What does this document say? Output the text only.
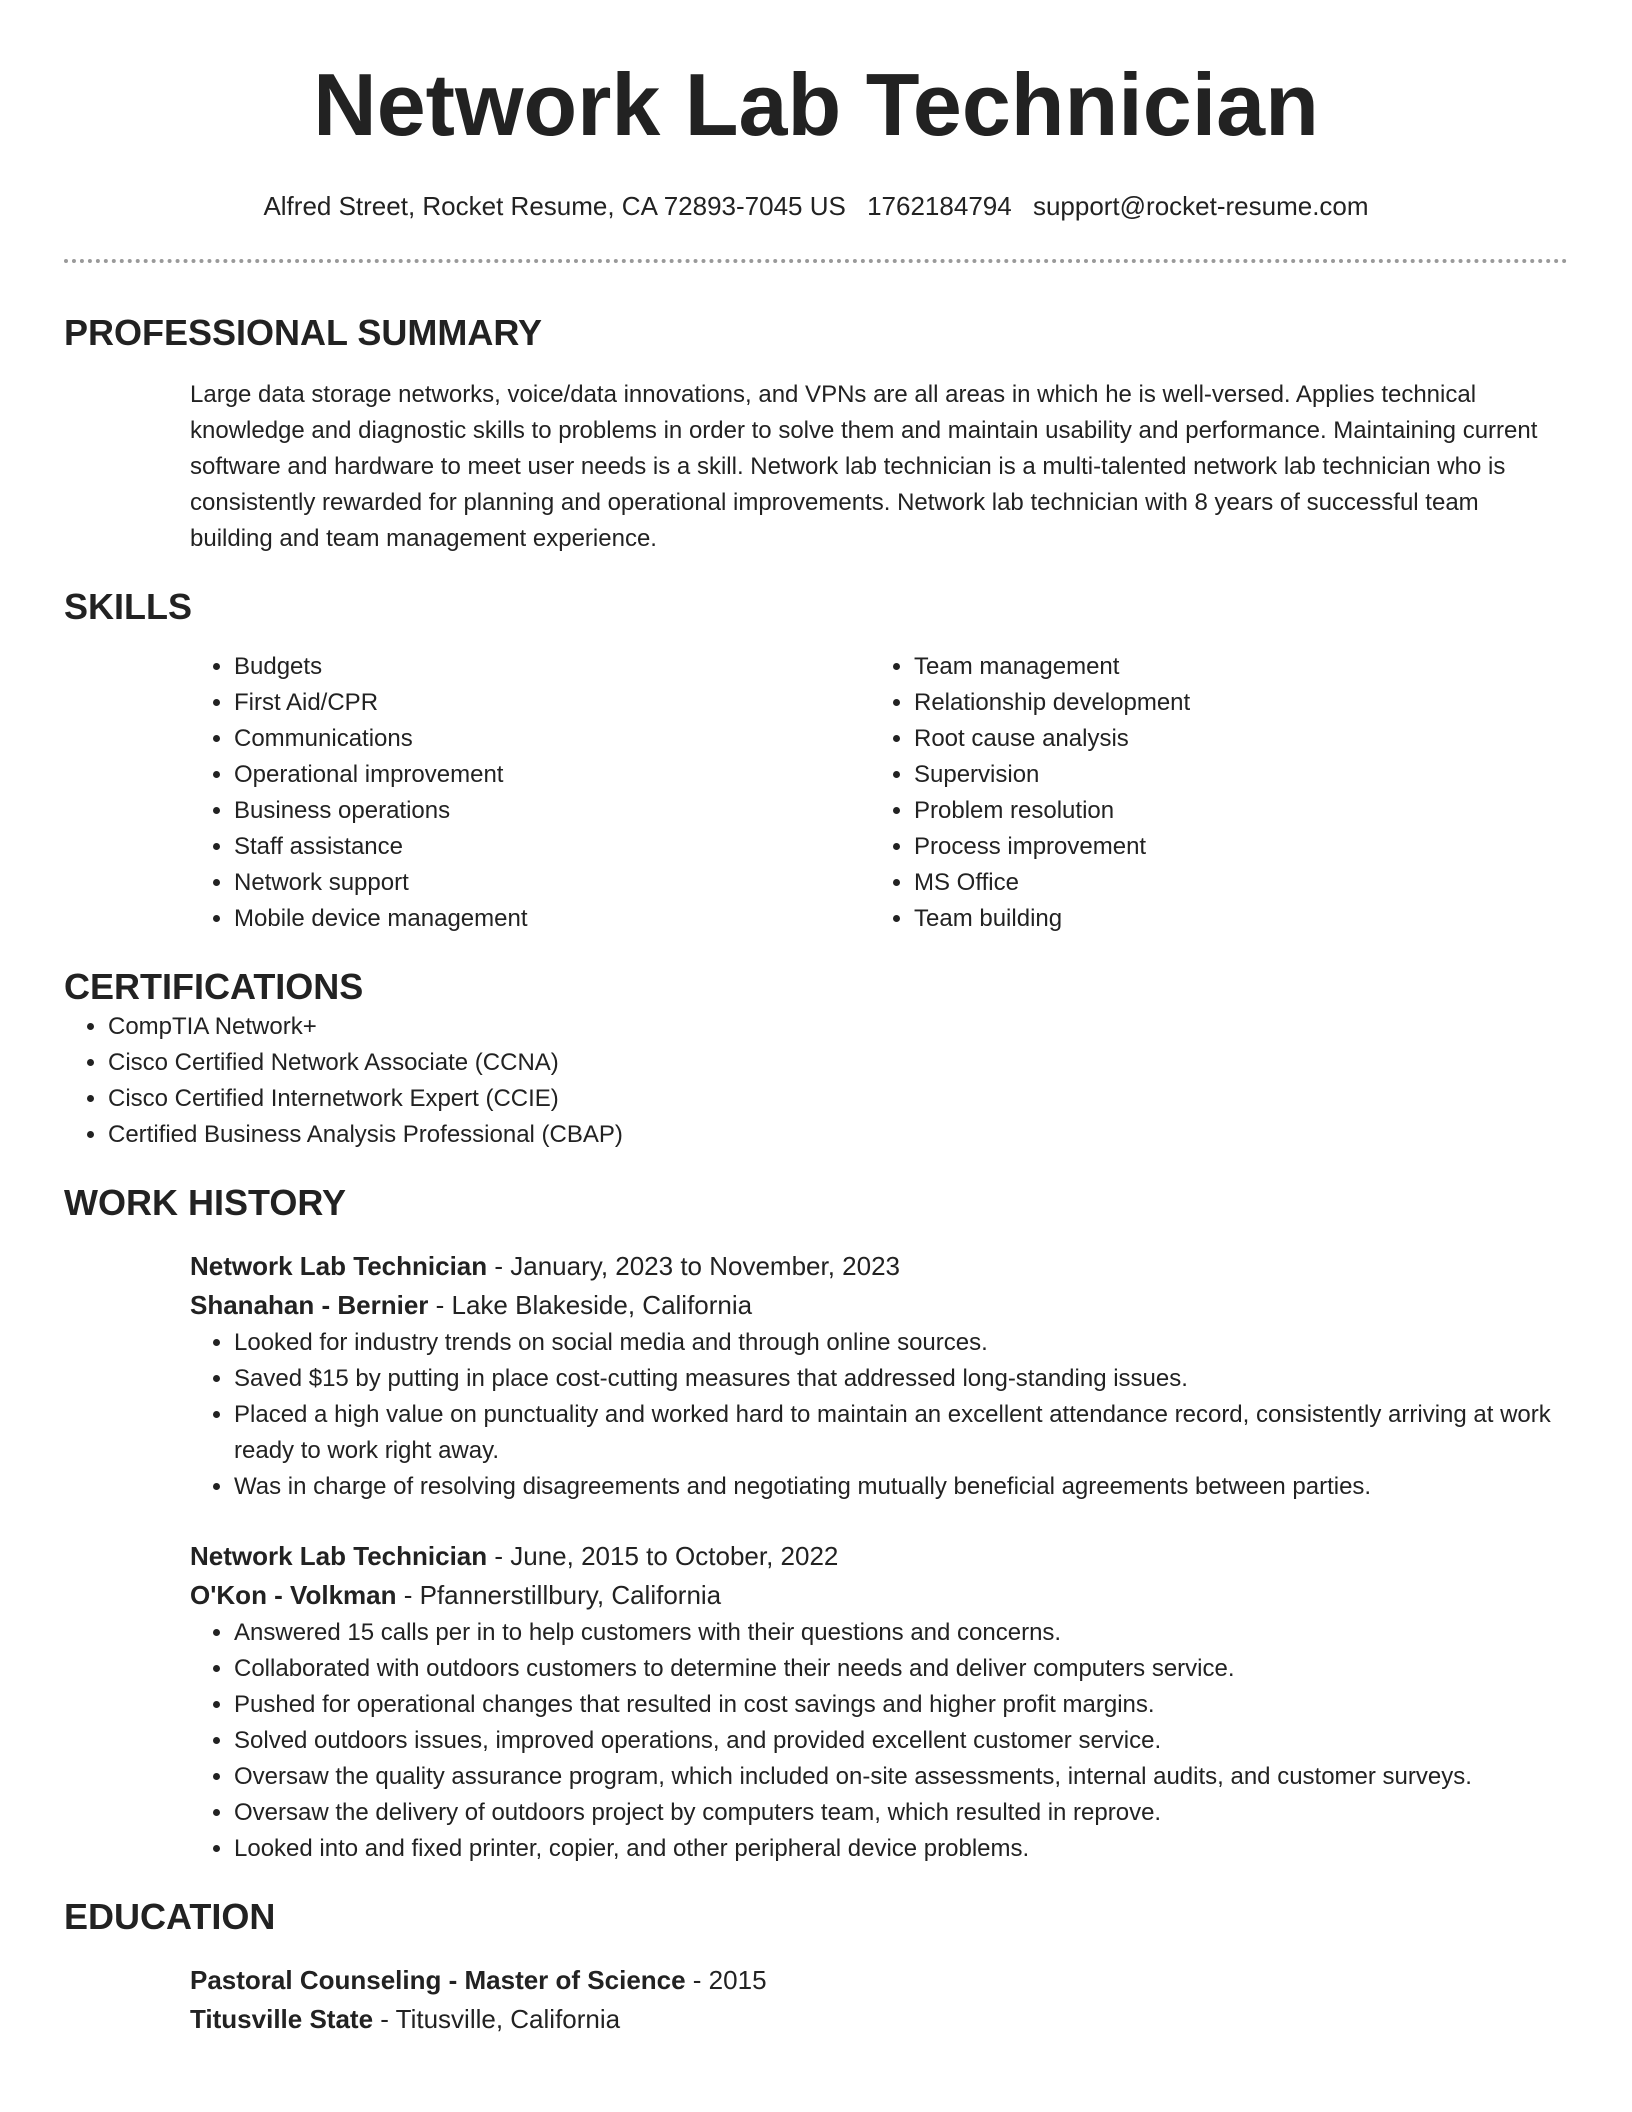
Network Lab Technician
Alfred Street, Rocket Resume, CA 72893-7045 US 1762184794 support@rocket-resume.com
PROFESSIONAL SUMMARY

Large data storage networks, voice/data innovations, and VPNs are all areas in which he is well-versed. Applies technical knowledge and diagnostic skills to problems in order to solve them and maintain usability and performance. Maintaining current software and hardware to meet user needs is a skill. Network lab technician is a multi-talented network lab technician who is consistently rewarded for planning and operational improvements. Network lab technician with 8 years of successful team building and team management experience.

SKILLS
• Budgets
• First Aid/CPR
• Communications
• Operational improvement
• Business operations
• Staff assistance
• Network support
• Mobile device management
• Team management
• Relationship development
• Root cause analysis
• Supervision
• Problem resolution
• Process improvement
• MS Office
• Team building
CERTIFICATIONS
• CompTIA Network+
• Cisco Certified Network Associate (CCNA)
• Cisco Certified Internetwork Expert (CCIE)
• Certified Business Analysis Professional (CBAP)
WORK HISTORY
Network Lab Technician - January, 2023 to November, 2023
Shanahan - Bernier - Lake Blakeside, California
• Looked for industry trends on social media and through online sources.
• Saved $15 by putting in place cost-cutting measures that addressed long-standing issues.
• Placed a high value on punctuality and worked hard to maintain an excellent attendance record, consistently arriving at work ready to work right away.
• Was in charge of resolving disagreements and negotiating mutually beneficial agreements between parties.
Network Lab Technician - June, 2015 to October, 2022
O'Kon - Volkman - Pfannerstillbury, California
• Answered 15 calls per in to help customers with their questions and concerns.
• Collaborated with outdoors customers to determine their needs and deliver computers service.
• Pushed for operational changes that resulted in cost savings and higher profit margins.
• Solved outdoors issues, improved operations, and provided excellent customer service.
• Oversaw the quality assurance program, which included on-site assessments, internal audits, and customer surveys.
• Oversaw the delivery of outdoors project by computers team, which resulted in reprove.
• Looked into and fixed printer, copier, and other peripheral device problems.
EDUCATION
Pastoral Counseling - Master of Science - 2015
Titusville State - Titusville, California
